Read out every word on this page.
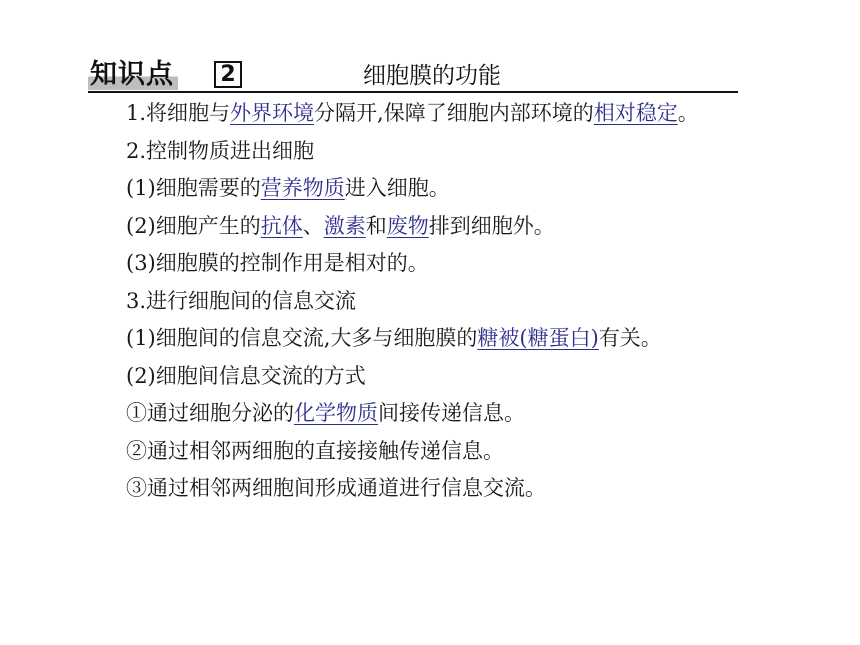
知识点 2	细胞膜的功能

1.将细胞与外界环境分隔开,保障了细胞内部环境的相对稳定。

2.控制物质进出细胞

(1)细胞需要的营养物质进入细胞。

(2)细胞产生的抗体、激素和废物排到细胞外。

(3)细胞膜的控制作用是相对的。

3.进行细胞间的信息交流

(1)细胞间的信息交流,大多与细胞膜的糖被(糖蛋白)有关。

(2)细胞间信息交流的方式

①通过细胞分泌的化学物质间接传递信息。

②通过相邻两细胞的直接接触传递信息。

③通过相邻两细胞间形成通道进行信息交流。
